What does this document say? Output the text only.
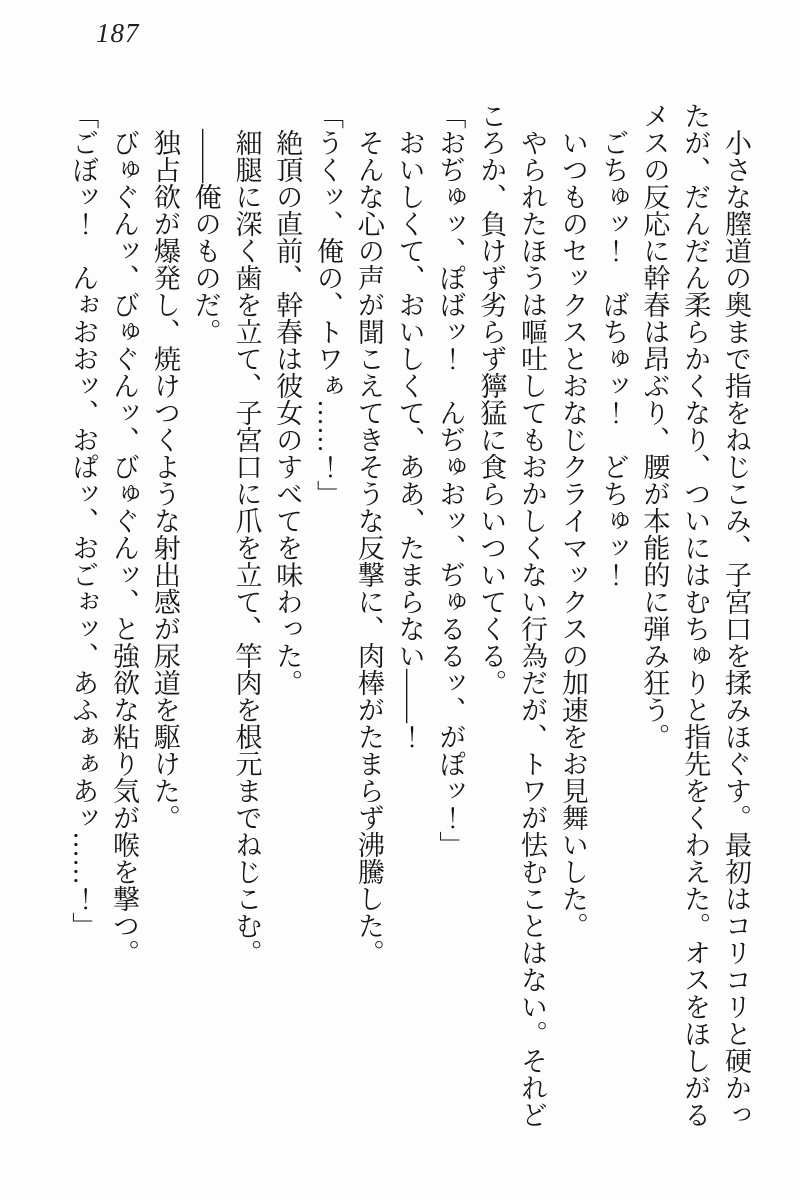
187

　小さな膣道の奥まで指をねじこみ、子宮口を揉みほぐす。最初はコリコリと硬かっ

たが、だんだん柔らかくなり、ついにはむちゅりと指先をくわえた。オスをほしがる

メスの反応に幹春は昂ぶり、腰が本能的に弾み狂う。

　ごちゅッ！　ばちゅッ！　どちゅッ！

　いつものセックスとおなじクライマックスの加速をお見舞いした。

　やられたほうは嘔吐してもおかしくない行為だが、トワが怯むことはない。それど

ころか、負けず劣らず獰猛に食らいついてくる。

「おぢゅッ、ぽばッ！　んぢゅおッ、ぢゅるるッ、がぽッ！」

　おいしくて、おいしくて、ああ、たまらない――！

　そんな心の声が聞こえてきそうな反撃に、肉棒がたまらず沸騰した。

「うくッ、俺の、トワぁ……！」

　絶頂の直前、幹春は彼女のすべてを味わった。

　細腿に深く歯を立て、子宮口に爪を立て、竿肉を根元までねじこむ。

　――俺のものだ。

　独占欲が爆発し、焼けつくような射出感が尿道を駆けた。

　びゅぐんッ、びゅぐんッ、びゅぐんッ、と強欲な粘り気が喉を撃つ。

「ごぼッ！　んぉおおッ、おぱッ、おごぉッ、あふぁぁあッ……！」
